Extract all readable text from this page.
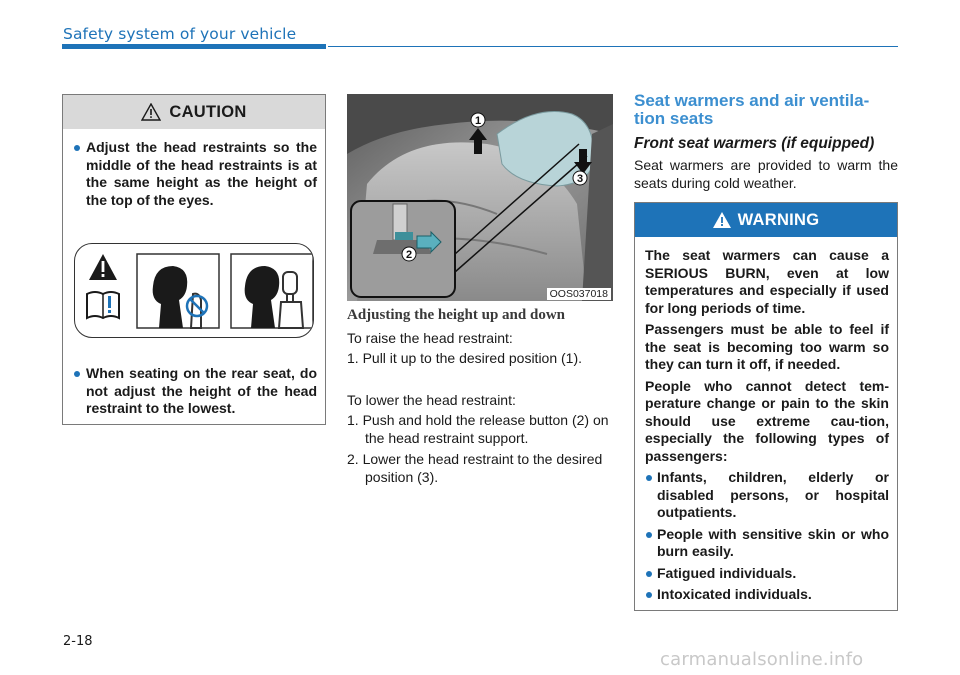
Safety system of your vehicle
CAUTION
Adjust the head restraints so the middle of the head restraints is at the same height as the height of the top of the eyes.
When seating on the rear seat, do not adjust the height of the head restraint to the lowest.
1
3
2
OOS037018
Adjusting the height up and down
To raise the head restraint:
1. Pull it up to the desired position (1).
To lower the head restraint:
1. Push and hold the release button (2) on the head restraint support.
2. Lower the head restraint to the desired position (3).
Seat warmers and air ventila-tion seats
Front seat warmers (if equipped)
Seat warmers are provided to warm the seats during cold weather.
WARNING

The seat warmers can cause a SERIOUS BURN, even at low temperatures and especially if used for long periods of time.

Passengers must be able to feel if the seat is becoming too warm so they can turn it off, if needed.

People who cannot detect tem-perature change or pain to the skin should use extreme cau-tion, especially the following types of passengers:

Infants, children, elderly or disabled persons, or hospital outpatients.
People with sensitive skin or who burn easily.
Fatigued individuals.
Intoxicated individuals.
2-18
carmanualsonline.info
